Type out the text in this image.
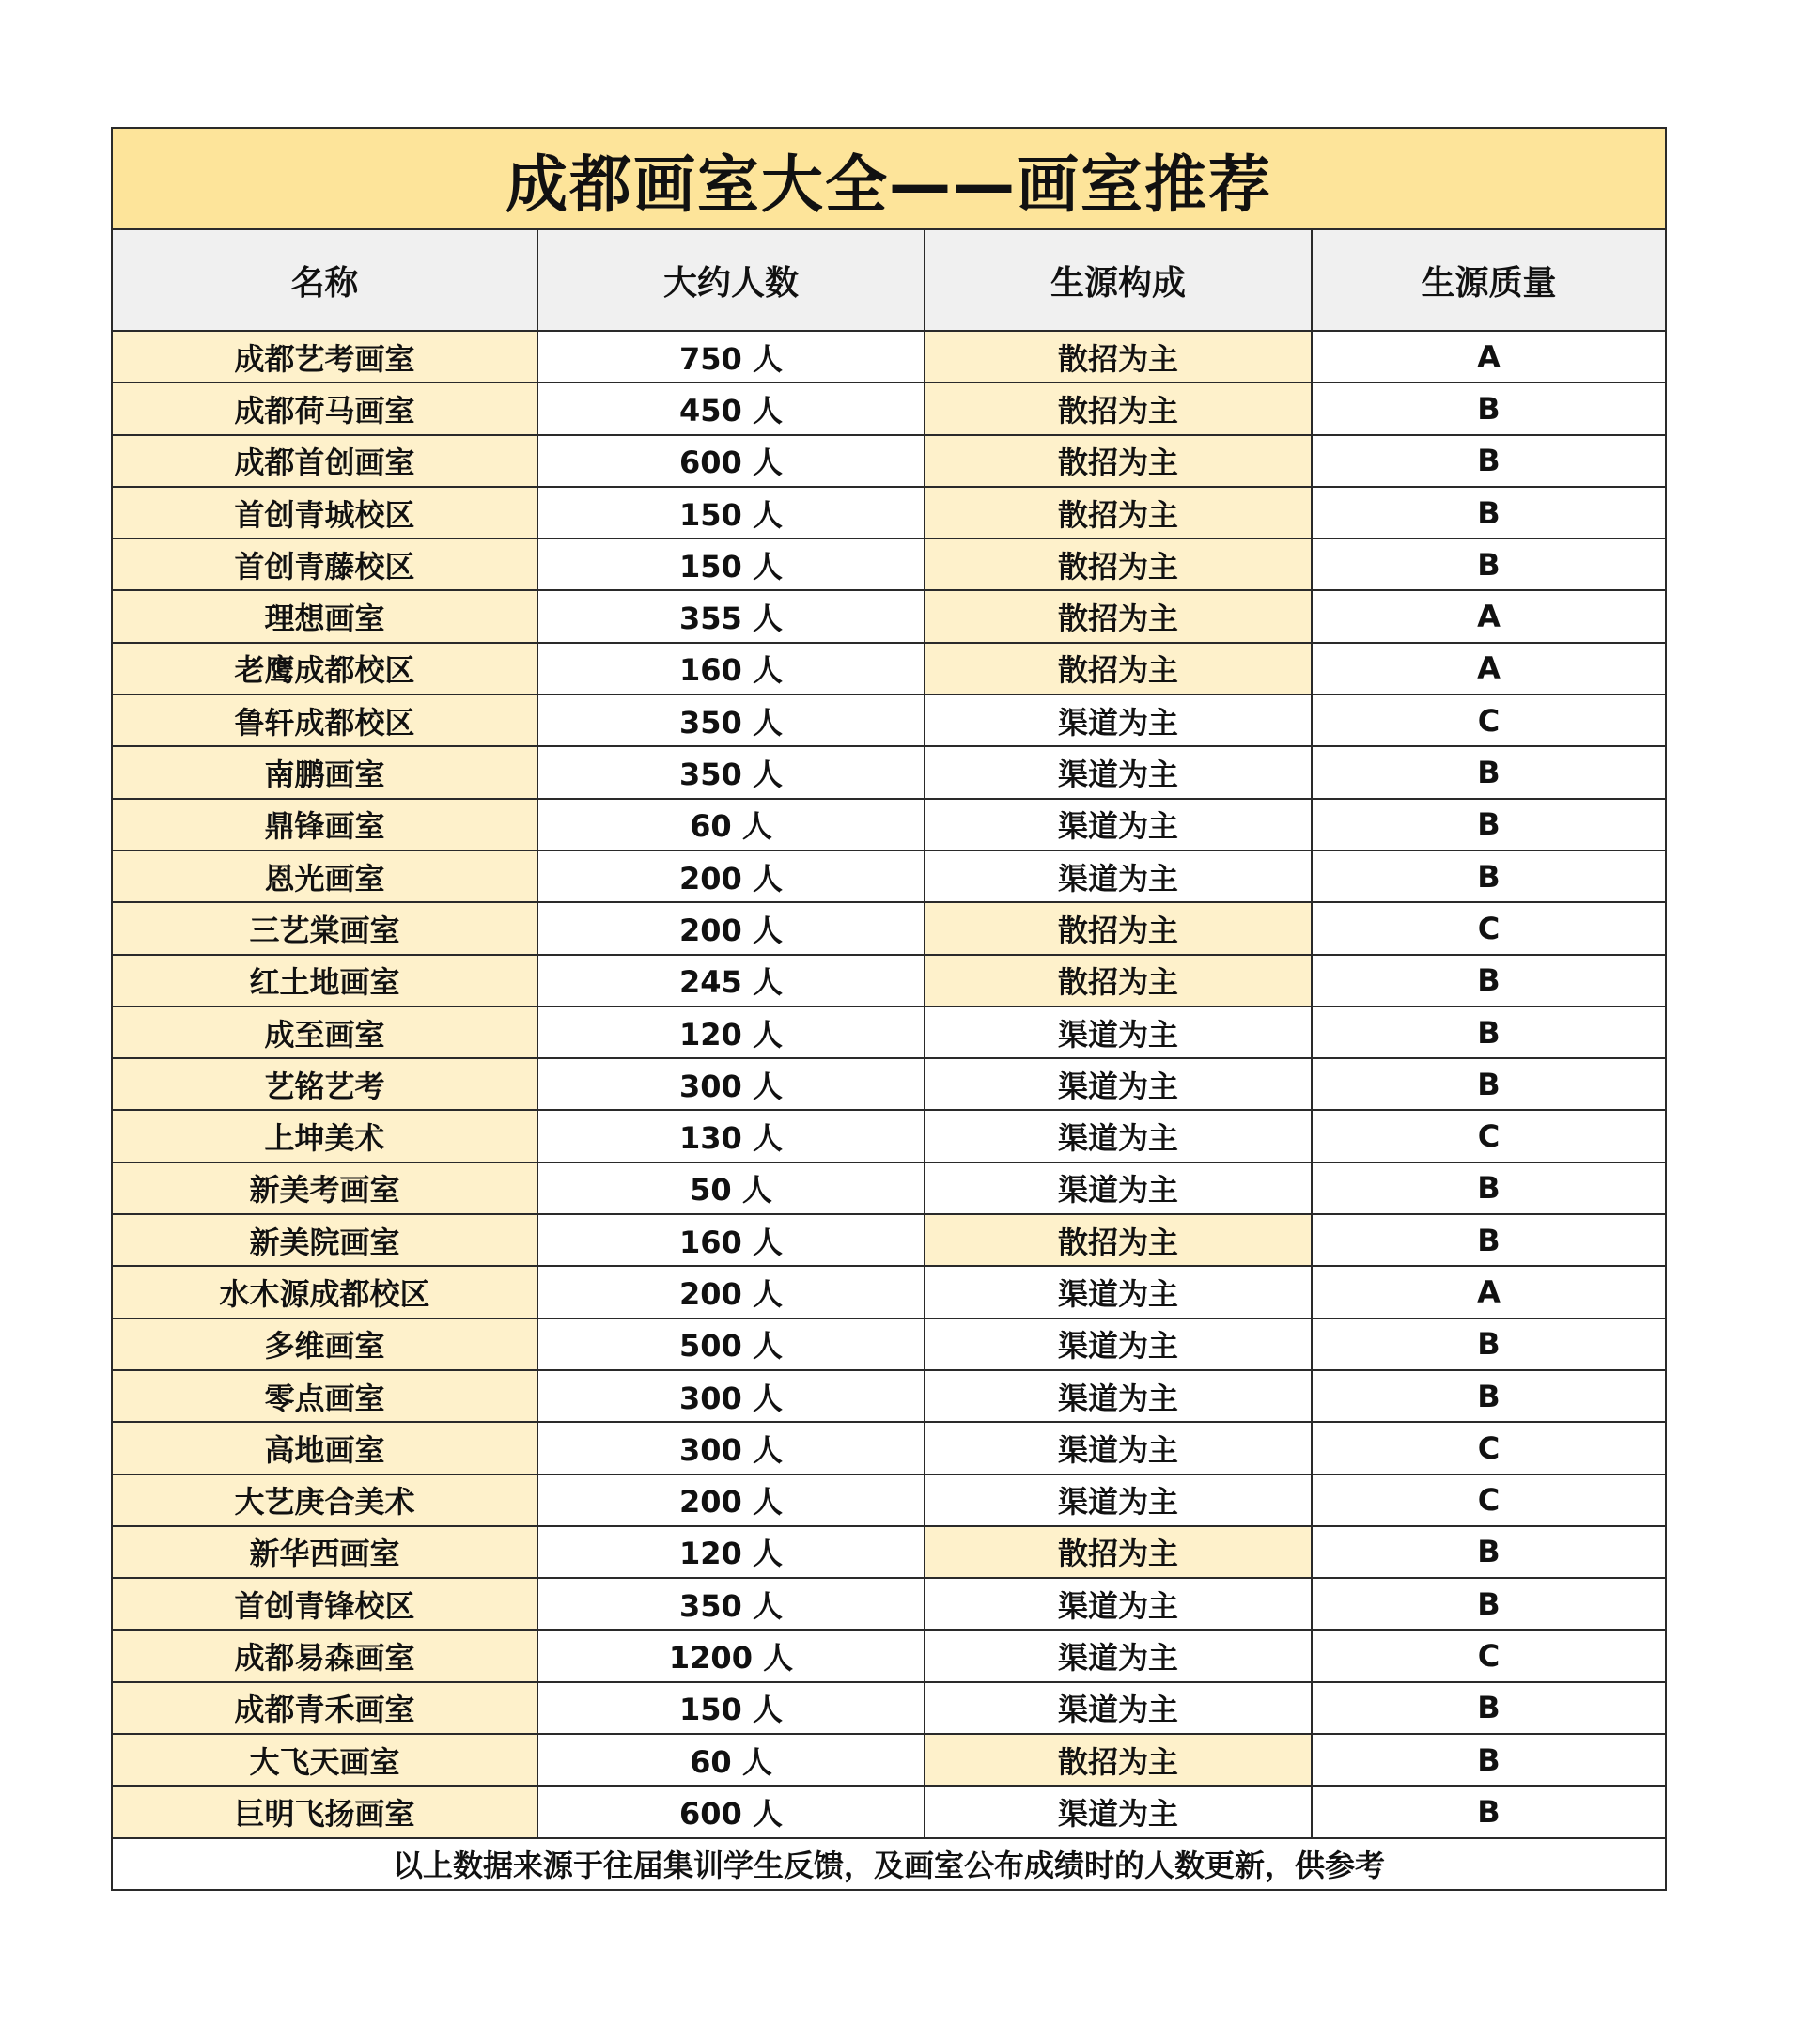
成都画室大全——画室推荐
名称	大约人数	生源构成	生源质量
成都艺考画室	750 人	散招为主	A
成都荷马画室	450 人	散招为主	B
成都首创画室	600 人	散招为主	B
首创青城校区	150 人	散招为主	B
首创青藤校区	150 人	散招为主	B
理想画室	355 人	散招为主	A
老鹰成都校区	160 人	散招为主	A
鲁轩成都校区	350 人	渠道为主	C
南鹏画室	350 人	渠道为主	B
鼎锋画室	60 人	渠道为主	B
恩光画室	200 人	渠道为主	B
三艺棠画室	200 人	散招为主	C
红土地画室	245 人	散招为主	B
成至画室	120 人	渠道为主	B
艺铭艺考	300 人	渠道为主	B
上坤美术	130 人	渠道为主	C
新美考画室	50 人	渠道为主	B
新美院画室	160 人	散招为主	B
水木源成都校区	200 人	渠道为主	A
多维画室	500 人	渠道为主	B
零点画室	300 人	渠道为主	B
高地画室	300 人	渠道为主	C
大艺庚合美术	200 人	渠道为主	C
新华西画室	120 人	散招为主	B
首创青锋校区	350 人	渠道为主	B
成都易森画室	1200 人	渠道为主	C
成都青禾画室	150 人	渠道为主	B
大飞天画室	60 人	散招为主	B
巨明飞扬画室	600 人	渠道为主	B
以上数据来源于往届集训学生反馈，及画室公布成绩时的人数更新，供参考
